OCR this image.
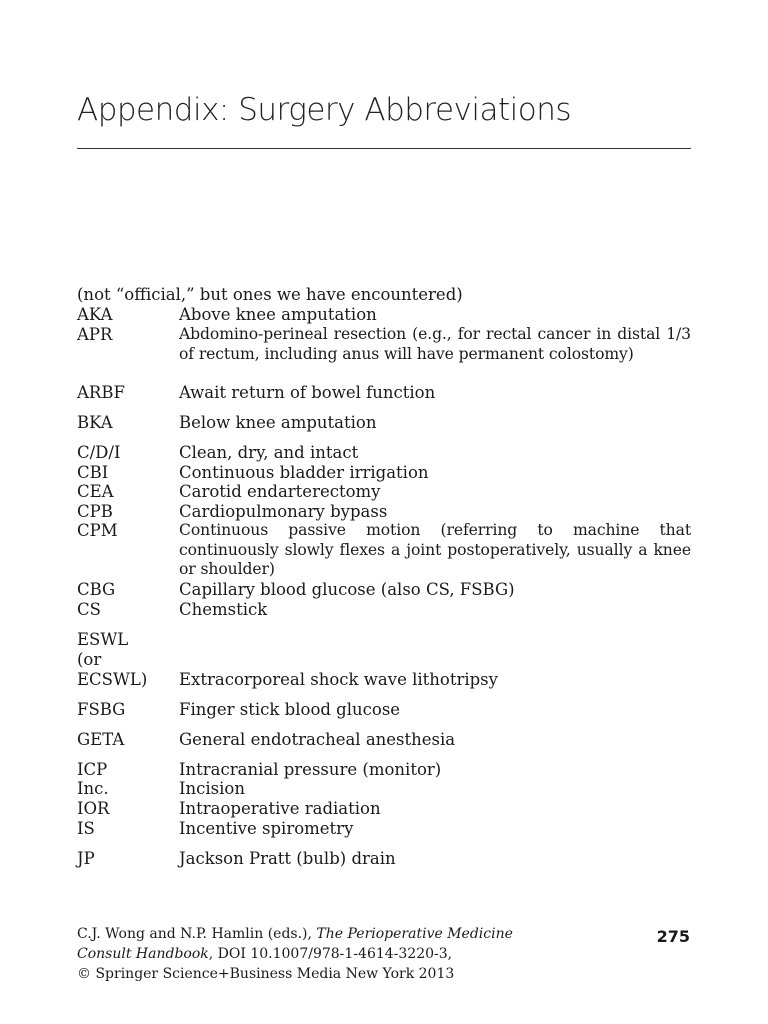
Appendix: Surgery Abbreviations
(not “official,” but ones we have encountered)
AKA	Above knee amputation
APR	Abdomino-perineal resection (e.g., for rectal cancer in distal 1/3 of rectum, including anus will have permanent colostomy)
ARBF	Await return of bowel function
BKA	Below knee amputation
C/D/I	Clean, dry, and intact
CBI	Continuous bladder irrigation
CEA	Carotid endarterectomy
CPB	Cardiopulmonary bypass
CPM	Continuous passive motion (referring to machine that continuously slowly flexes a joint postoperatively, usually a knee or shoulder)
CBG	Capillary blood glucose (also CS, FSBG)
CS	Chemstick
ESWL
(or
ECSWL)	Extracorporeal shock wave lithotripsy
FSBG	Finger stick blood glucose
GETA	General endotracheal anesthesia
ICP	Intracranial pressure (monitor)
Inc.	Incision
IOR	Intraoperative radiation
IS	Incentive spirometry
JP	Jackson Pratt (bulb) drain
C.J. Wong and N.P. Hamlin (eds.), The Perioperative Medicine
Consult Handbook, DOI 10.1007/978-1-4614-3220-3,
© Springer Science+Business Media New York 2013
275
